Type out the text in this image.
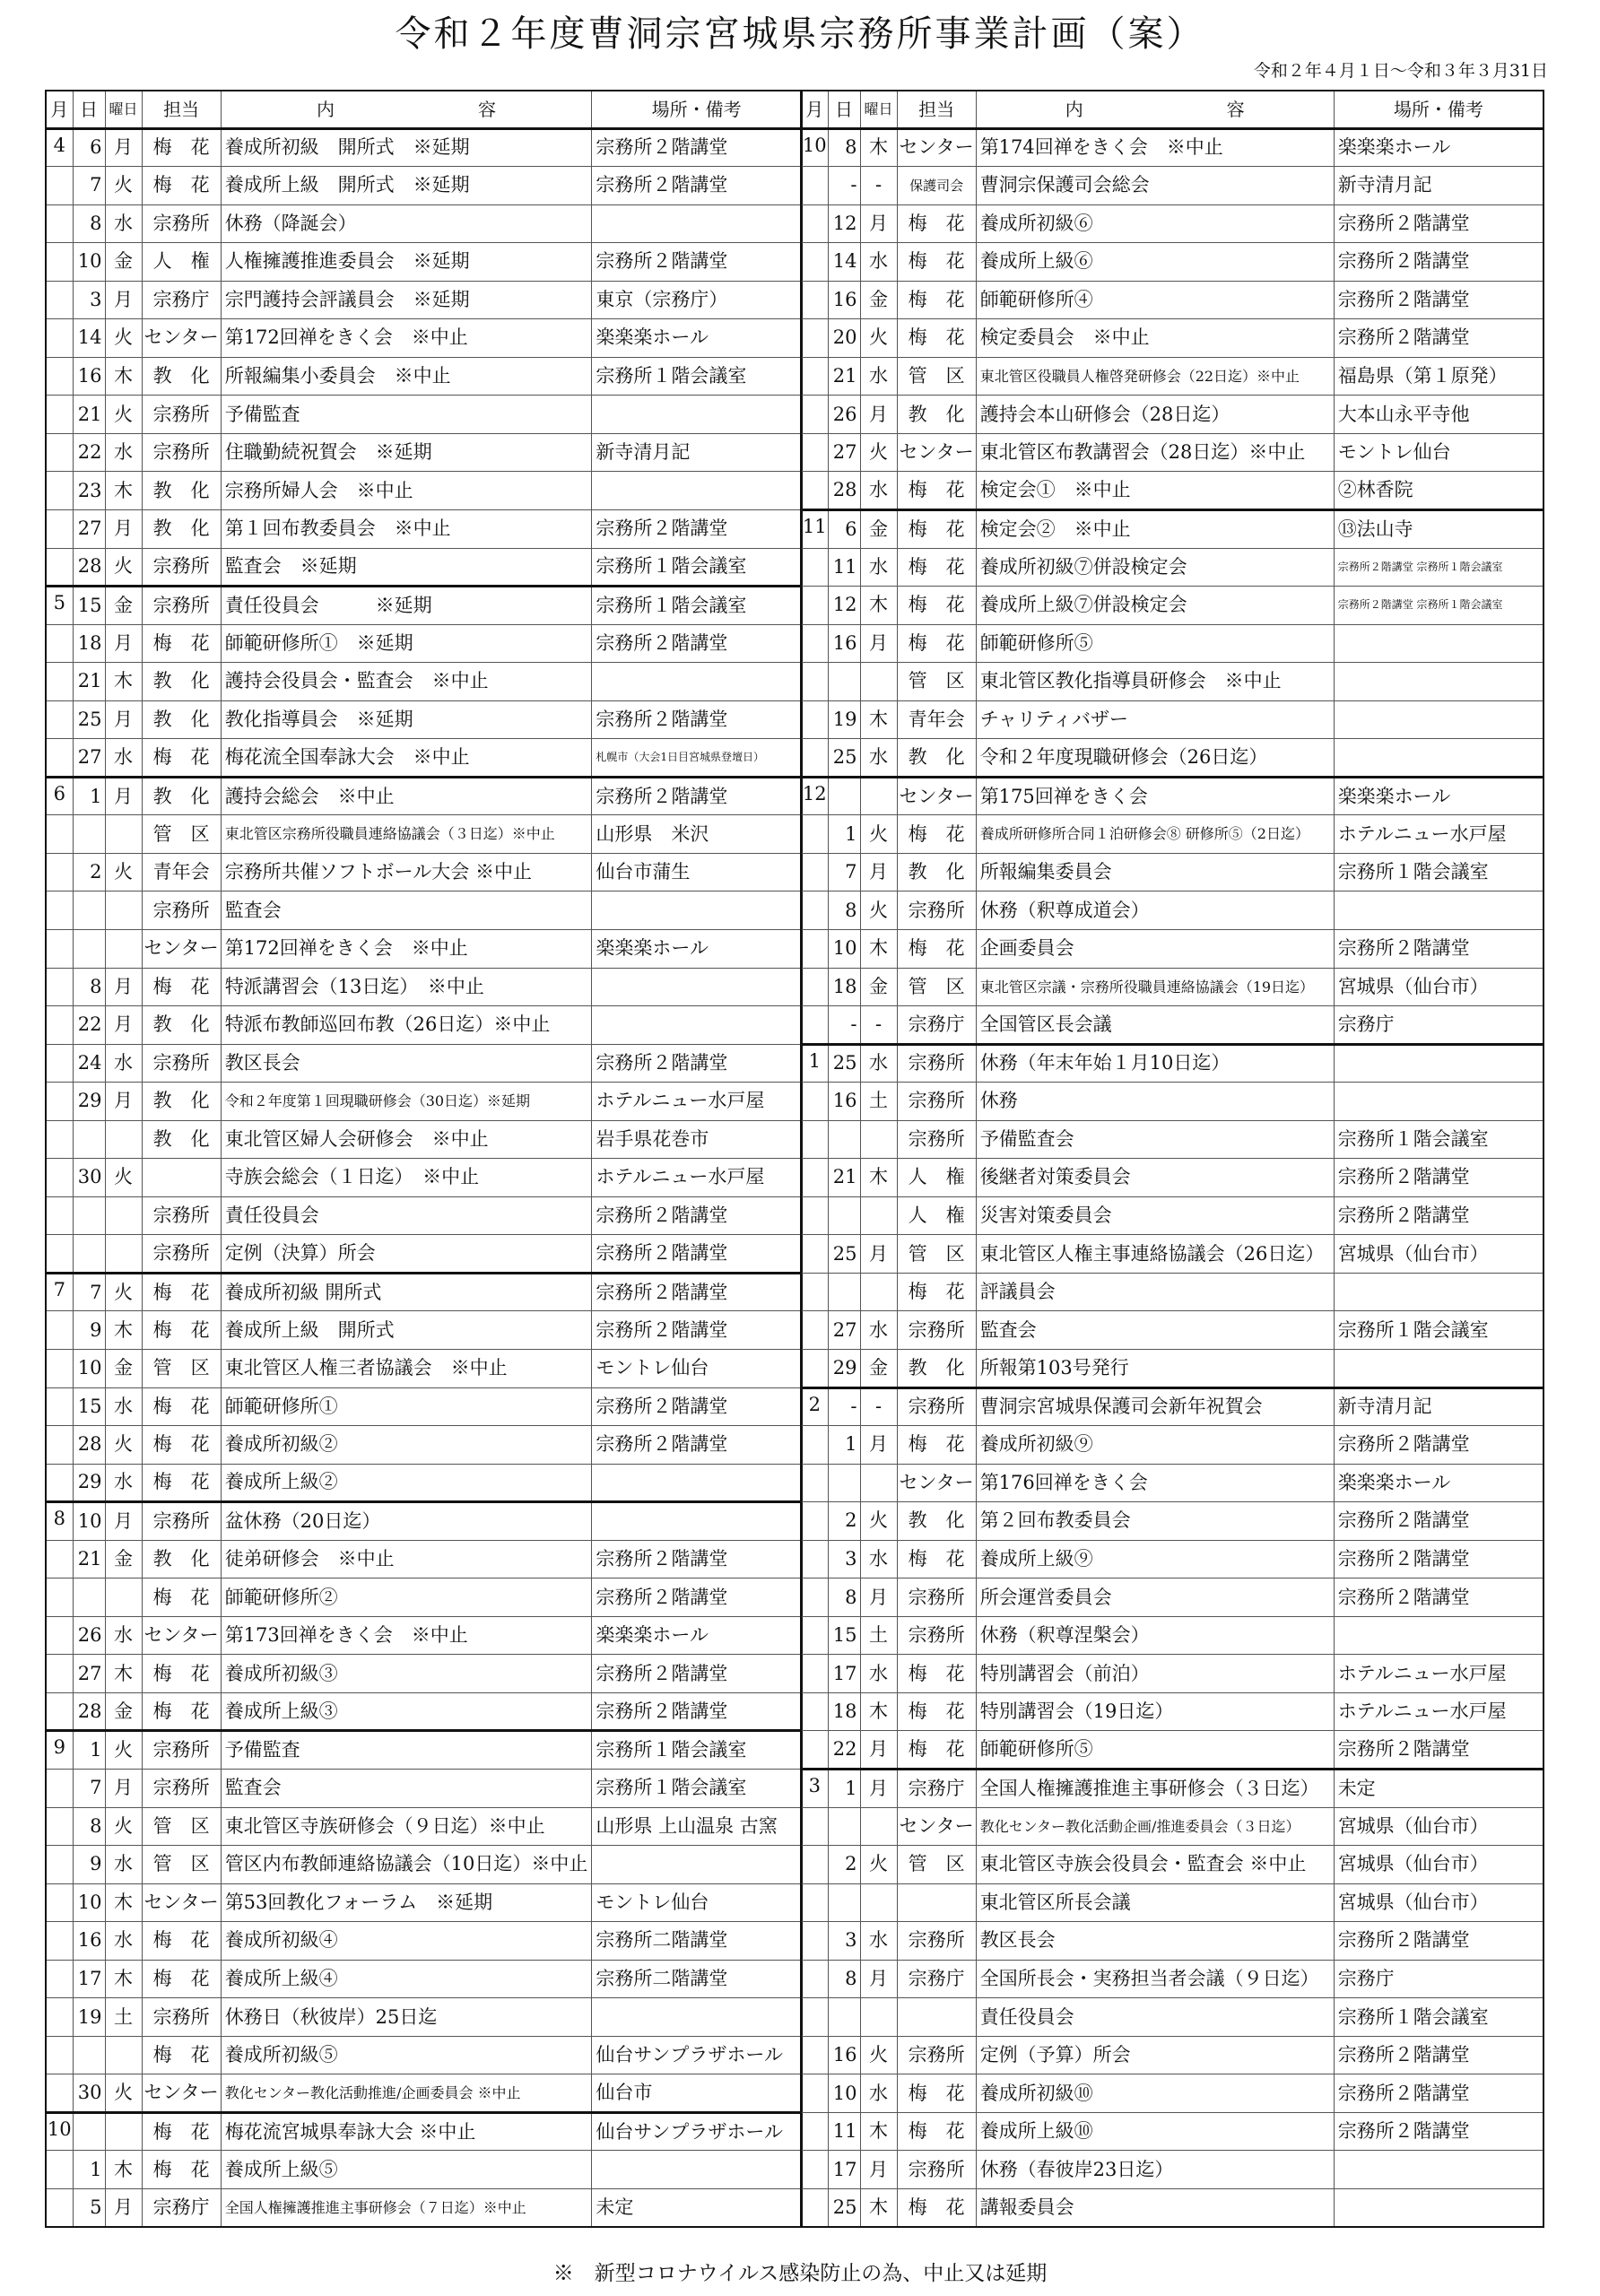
令和２年度曹洞宗宮城県宗務所事業計画（案）
令和２年４月１日〜令和３年３月31日
月	日	曜日	担当	内　　　　　　　　容	場所・備考
4	6	月	梅　花	養成所初級　開所式　※延期	宗務所２階講堂
	7	火	梅　花	養成所上級　開所式　※延期	宗務所２階講堂
	8	水	宗務所	休務（降誕会）	
	10	金	人　権	人権擁護推進委員会　※延期	宗務所２階講堂
	3	月	宗務庁	宗門護持会評議員会　※延期	東京（宗務庁）
	14	火	センター	第172回禅をきく会　※中止	楽楽楽ホール
	16	木	教　化	所報編集小委員会　※中止	宗務所１階会議室
	21	火	宗務所	予備監査	
	22	水	宗務所	住職勤続祝賀会　※延期	新寺清月記
	23	木	教　化	宗務所婦人会　※中止	
	27	月	教　化	第１回布教委員会　※中止	宗務所２階講堂
	28	火	宗務所	監査会　※延期	宗務所１階会議室
5	15	金	宗務所	責任役員会　　　※延期	宗務所１階会議室
	18	月	梅　花	師範研修所①　※延期	宗務所２階講堂
	21	木	教　化	護持会役員会・監査会　※中止	
	25	月	教　化	教化指導員会　※延期	宗務所２階講堂
	27	水	梅　花	梅花流全国奉詠大会　※中止	札幌市（大会1日目宮城県登壇日）
6	1	月	教　化	護持会総会　※中止	宗務所２階講堂
			管　区	東北管区宗務所役職員連絡協議会（３日迄）※中止	山形県　米沢
	2	火	青年会	宗務所共催ソフトボール大会 ※中止	仙台市蒲生
			宗務所	監査会	
			センター	第172回禅をきく会　※中止	楽楽楽ホール
	8	月	梅　花	特派講習会（13日迄）　※中止	
	22	月	教　化	特派布教師巡回布教（26日迄）※中止	
	24	水	宗務所	教区長会	宗務所２階講堂
	29	月	教　化	令和２年度第１回現職研修会（30日迄）※延期	ホテルニュー水戸屋
			教　化	東北管区婦人会研修会　※中止	岩手県花巻市
	30	火		寺族会総会（１日迄）　※中止	ホテルニュー水戸屋
			宗務所	責任役員会	宗務所２階講堂
			宗務所	定例（決算）所会	宗務所２階講堂
7	7	火	梅　花	養成所初級 開所式	宗務所２階講堂
	9	木	梅　花	養成所上級　開所式	宗務所２階講堂
	10	金	管　区	東北管区人権三者協議会　※中止	モントレ仙台
	15	水	梅　花	師範研修所①	宗務所２階講堂
	28	火	梅　花	養成所初級②	宗務所２階講堂
	29	水	梅　花	養成所上級②	
8	10	月	宗務所	盆休務（20日迄）	
	21	金	教　化	徒弟研修会　※中止	宗務所２階講堂
			梅　花	師範研修所②	宗務所２階講堂
	26	水	センター	第173回禅をきく会　※中止	楽楽楽ホール
	27	木	梅　花	養成所初級③	宗務所２階講堂
	28	金	梅　花	養成所上級③	宗務所２階講堂
9	1	火	宗務所	予備監査	宗務所１階会議室
	7	月	宗務所	監査会	宗務所１階会議室
	8	火	管　区	東北管区寺族研修会（９日迄）※中止	山形県 上山温泉 古窯
	9	水	管　区	管区内布教師連絡協議会（10日迄）※中止	
	10	木	センター	第53回教化フォーラム　※延期	モントレ仙台
	16	水	梅　花	養成所初級④	宗務所二階講堂
	17	木	梅　花	養成所上級④	宗務所二階講堂
	19	土	宗務所	休務日（秋彼岸）25日迄	
			梅　花	養成所初級⑤	仙台サンプラザホール
	30	火	センター	教化センター教化活動推進/企画委員会 ※中止	仙台市
10			梅　花	梅花流宮城県奉詠大会 ※中止	仙台サンプラザホール
	1	木	梅　花	養成所上級⑤	
	5	月	宗務庁	全国人権擁護推進主事研修会（７日迄）※中止	未定
月	日	曜日	担当	内　　　　　　　　容	場所・備考
10	8	木	センター	第174回禅をきく会　※中止	楽楽楽ホール
	-	-	保護司会	曹洞宗保護司会総会	新寺清月記
	12	月	梅　花	養成所初級⑥	宗務所２階講堂
	14	水	梅　花	養成所上級⑥	宗務所２階講堂
	16	金	梅　花	師範研修所④	宗務所２階講堂
	20	火	梅　花	検定委員会　※中止	宗務所２階講堂
	21	水	管　区	東北管区役職員人権啓発研修会（22日迄）※中止	福島県（第１原発）
	26	月	教　化	護持会本山研修会（28日迄）	大本山永平寺他
	27	火	センター	東北管区布教講習会（28日迄）※中止	モントレ仙台
	28	水	梅　花	検定会①　※中止	②林香院
11	6	金	梅　花	検定会②　※中止	⑬法山寺
	11	水	梅　花	養成所初級⑦併設検定会	宗務所２階講堂 宗務所１階会議室
	12	木	梅　花	養成所上級⑦併設検定会	宗務所２階講堂 宗務所１階会議室
	16	月	梅　花	師範研修所⑤	
			管　区	東北管区教化指導員研修会　※中止	
	19	木	青年会	チャリティバザー	
	25	水	教　化	令和２年度現職研修会（26日迄）	
12			センター	第175回禅をきく会	楽楽楽ホール
	1	火	梅　花	養成所研修所合同１泊研修会⑧ 研修所⑤（2日迄）	ホテルニュー水戸屋
	7	月	教　化	所報編集委員会	宗務所１階会議室
	8	火	宗務所	休務（釈尊成道会）	
	10	木	梅　花	企画委員会	宗務所２階講堂
	18	金	管　区	東北管区宗議・宗務所役職員連絡協議会（19日迄）	宮城県（仙台市）
	-	-	宗務庁	全国管区長会議	宗務庁
1	25	水	宗務所	休務（年末年始１月10日迄）	
	16	土	宗務所	休務	
			宗務所	予備監査会	宗務所１階会議室
	21	木	人　権	後継者対策委員会	宗務所２階講堂
			人　権	災害対策委員会	宗務所２階講堂
	25	月	管　区	東北管区人権主事連絡協議会（26日迄）	宮城県（仙台市）
			梅　花	評議員会	
	27	水	宗務所	監査会	宗務所１階会議室
	29	金	教　化	所報第103号発行	
2	-	-	宗務所	曹洞宗宮城県保護司会新年祝賀会	新寺清月記
	1	月	梅　花	養成所初級⑨	宗務所２階講堂
			センター	第176回禅をきく会	楽楽楽ホール
	2	火	教　化	第２回布教委員会	宗務所２階講堂
	3	水	梅　花	養成所上級⑨	宗務所２階講堂
	8	月	宗務所	所会運営委員会	宗務所２階講堂
	15	土	宗務所	休務（釈尊涅槃会）	
	17	水	梅　花	特別講習会（前泊）	ホテルニュー水戸屋
	18	木	梅　花	特別講習会（19日迄）	ホテルニュー水戸屋
	22	月	梅　花	師範研修所⑤	宗務所２階講堂
3	1	月	宗務庁	全国人権擁護推進主事研修会（３日迄）	未定
			センター	教化センター教化活動企画/推進委員会（３日迄）	宮城県（仙台市）
	2	火	管　区	東北管区寺族会役員会・監査会 ※中止	宮城県（仙台市）
				東北管区所長会議	宮城県（仙台市）
	3	水	宗務所	教区長会	宗務所２階講堂
	8	月	宗務庁	全国所長会・実務担当者会議（９日迄）	宗務庁
				責任役員会	宗務所１階会議室
	16	火	宗務所	定例（予算）所会	宗務所２階講堂
	10	水	梅　花	養成所初級⑩	宗務所２階講堂
	11	木	梅　花	養成所上級⑩	宗務所２階講堂
	17	月	宗務所	休務（春彼岸23日迄）	
	25	木	梅　花	講報委員会	
※　新型コロナウイルス感染防止の為、中止又は延期
